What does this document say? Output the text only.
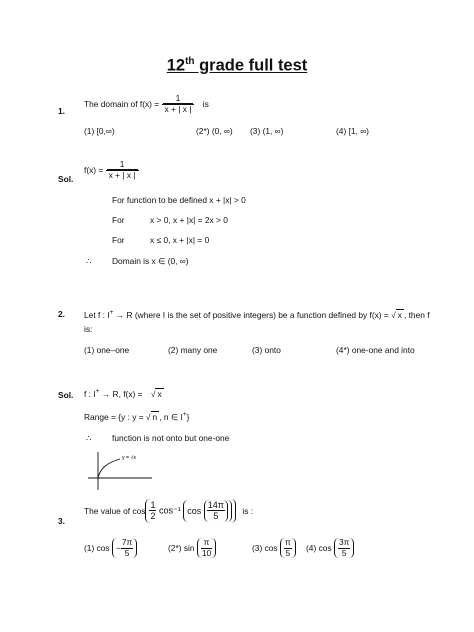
12th grade full test
1.
The domain of $f(x) = \frac{1}{x + | x |}$ is
(1) [0,∞)	(2*) (0, ∞) (3) (1, ∞)	(4) [1, ∞)
Sol.
$f(x) = \frac{1}{x + | x |}$
For function to be defined x + |x| > 0
For	x > 0, x + |x| = 2x > 0
For	x ≤ 0, x + |x| = 0
∴ Domain is x ∈ (0, ∞)
2. Let f : I+ → R (where I is the set of positive integers) be a function defined by f(x) = √ x , then f
is:
(1) one–one	(2) many one	(3) onto	(4*) one-one and into
Sol. f : I+ → R, f(x) = √ x
Range = {y : y = √ n , n ∈ I+}
∴ function is not onto but one-one
y = √x
3.
The value of $\cos \frac{1}{2} \cos^{-1}$ $\cos \frac{14\pi}{5}$ is :
(1) $\cos - \frac{7\pi}{5}$	(2*) $\sin \frac{\pi}{10}$	(3) $\cos \frac{\pi}{5} (4)$ $\cos \frac{3\pi}{5}$
